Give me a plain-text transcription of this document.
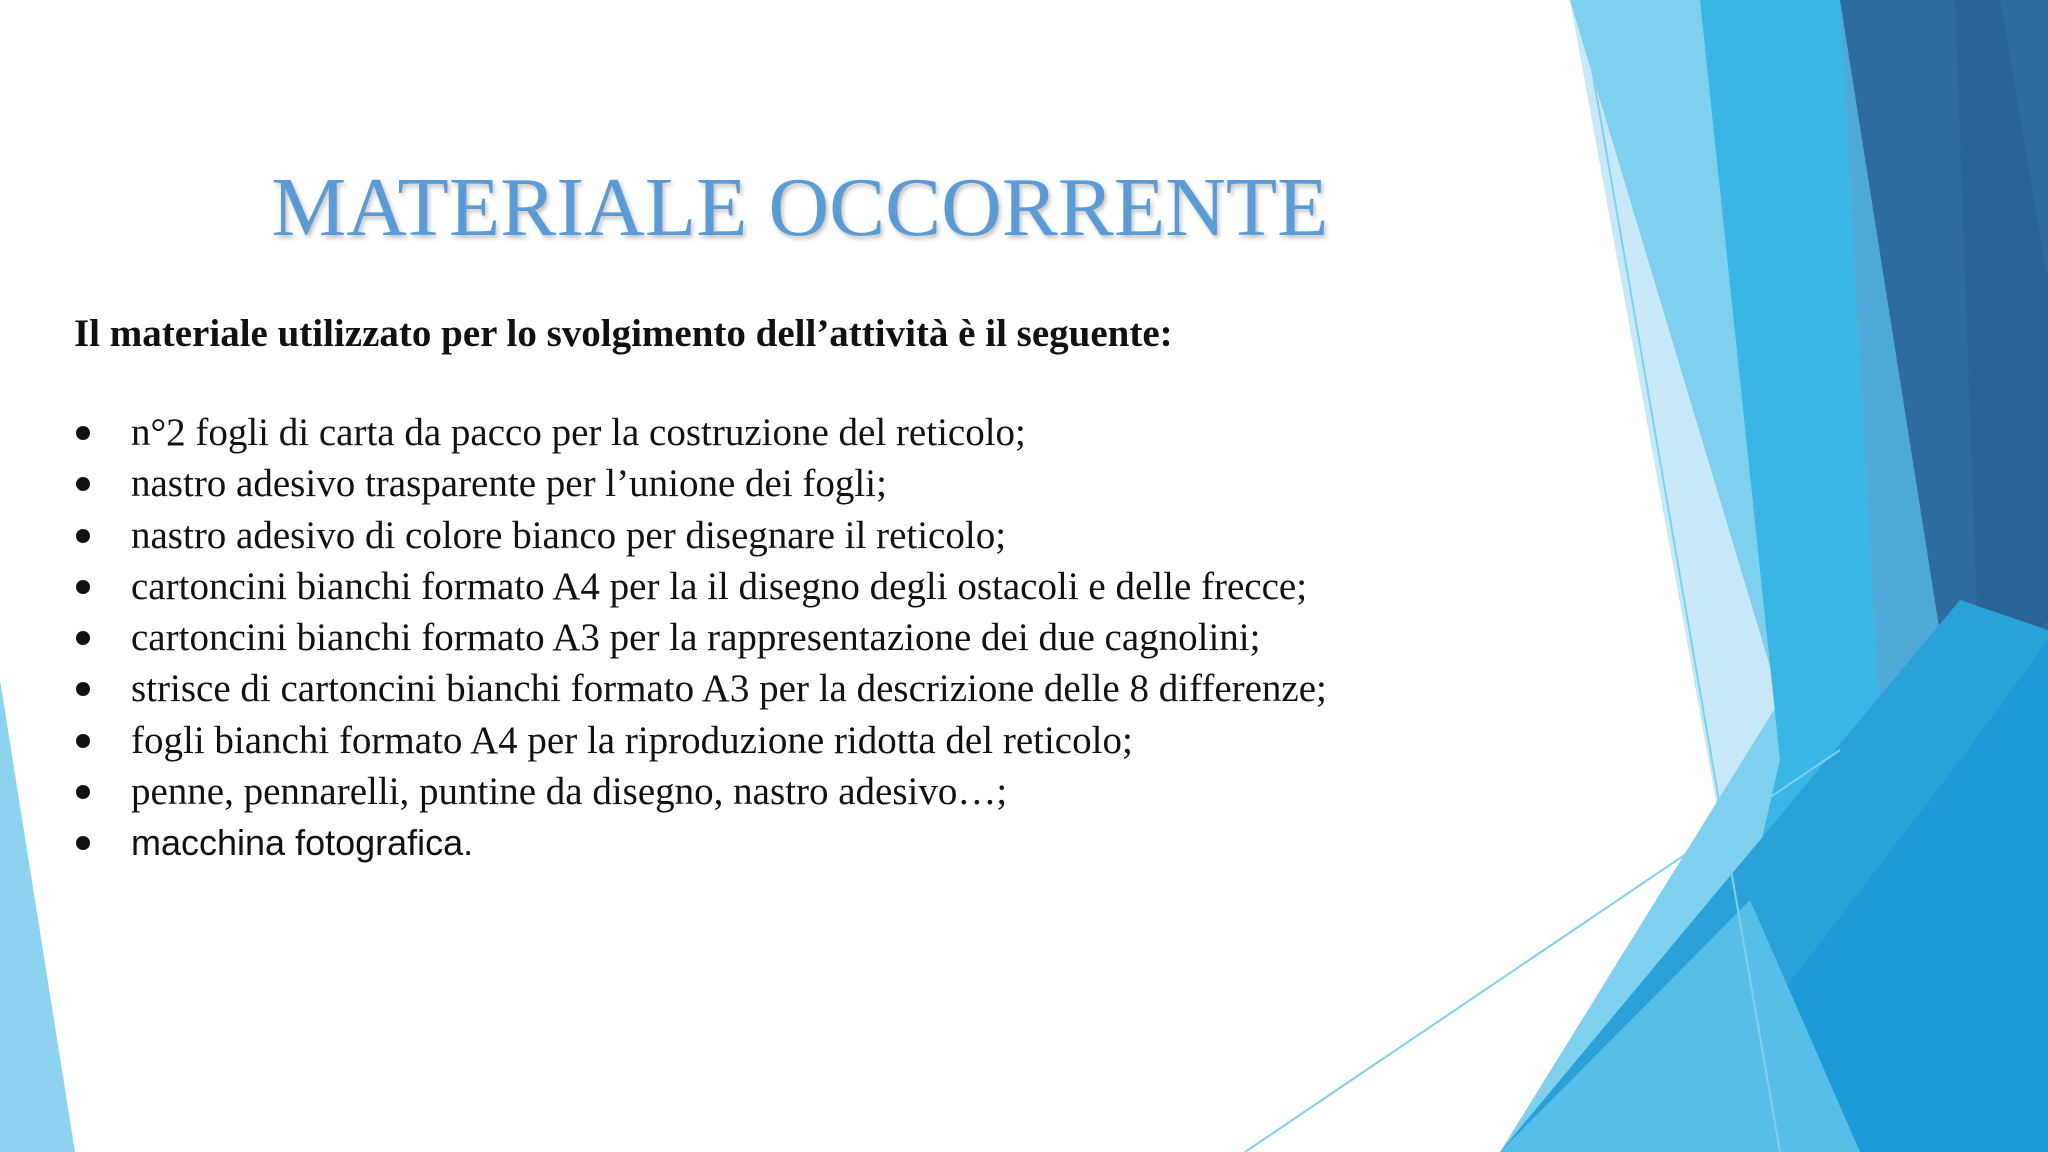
MATERIALE OCCORRENTE

Il materiale utilizzato per lo svolgimento dell’attività è il seguente:

n°2 fogli di carta da pacco per la costruzione del reticolo;
nastro adesivo trasparente per l’unione dei fogli;
nastro adesivo di colore bianco per disegnare il reticolo;
cartoncini bianchi formato A4 per la il disegno degli ostacoli e delle frecce;
cartoncini bianchi formato A3 per la rappresentazione dei due cagnolini;
strisce di cartoncini bianchi formato A3 per la descrizione delle 8 differenze;
fogli bianchi formato A4 per la riproduzione ridotta del reticolo;
penne, pennarelli, puntine da disegno, nastro adesivo…;
macchina fotografica.
